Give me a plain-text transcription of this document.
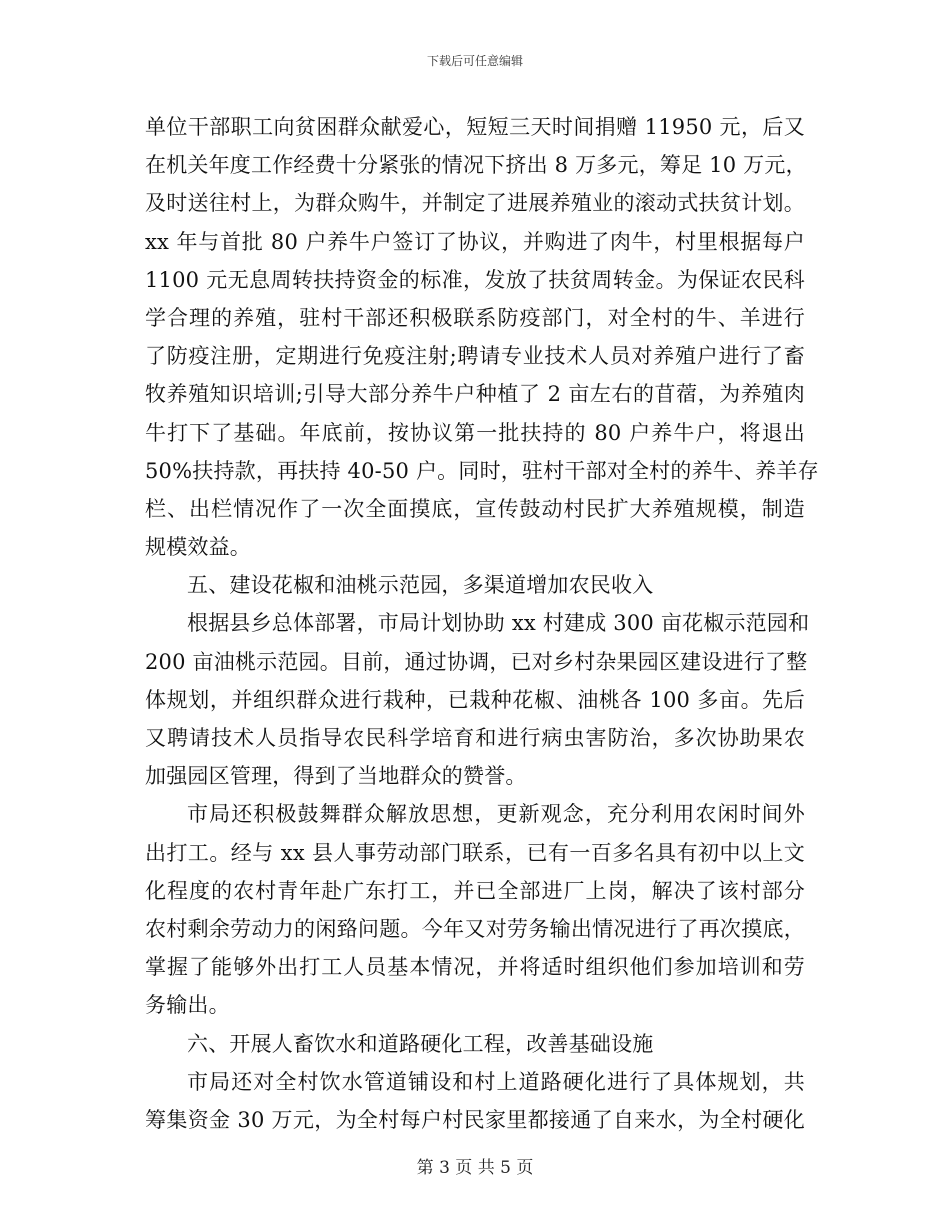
下载后可任意编辑
单位干部职工向贫困群众献爱心，短短三天时间捐赠 11950 元，后又
在机关年度工作经费十分紧张的情况下挤出 8 万多元，筹足 10 万元，
及时送往村上，为群众购牛，并制定了进展养殖业的滚动式扶贫计划。
xx 年与首批 80 户养牛户签订了协议，并购进了肉牛，村里根据每户
1100 元无息周转扶持资金的标准，发放了扶贫周转金。为保证农民科
学合理的养殖，驻村干部还积极联系防疫部门，对全村的牛、羊进行
了防疫注册，定期进行免疫注射;聘请专业技术人员对养殖户进行了畜
牧养殖知识培训;引导大部分养牛户种植了 2 亩左右的苜蓿，为养殖肉
牛打下了基础。年底前，按协议第一批扶持的 80 户养牛户，将退出
50%扶持款，再扶持 40-50 户。同时，驻村干部对全村的养牛、养羊存
栏、出栏情况作了一次全面摸底，宣传鼓动村民扩大养殖规模，制造
规模效益。
五、建设花椒和油桃示范园，多渠道增加农民收入
根据县乡总体部署，市局计划协助 xx 村建成 300 亩花椒示范园和
200 亩油桃示范园。目前，通过协调，已对乡村杂果园区建设进行了整
体规划，并组织群众进行栽种，已栽种花椒、油桃各 100 多亩。先后
又聘请技术人员指导农民科学培育和进行病虫害防治，多次协助果农
加强园区管理，得到了当地群众的赞誉。
市局还积极鼓舞群众解放思想，更新观念，充分利用农闲时间外
出打工。经与 xx 县人事劳动部门联系，已有一百多名具有初中以上文
化程度的农村青年赴广东打工，并已全部进厂上岗，解决了该村部分
农村剩余劳动力的闲臵问题。今年又对劳务输出情况进行了再次摸底，
掌握了能够外出打工人员基本情况，并将适时组织他们参加培训和劳
务输出。
六、开展人畜饮水和道路硬化工程，改善基础设施
市局还对全村饮水管道铺设和村上道路硬化进行了具体规划，共
筹集资金 30 万元，为全村每户村民家里都接通了自来水，为全村硬化
第 3 页 共 5 页
